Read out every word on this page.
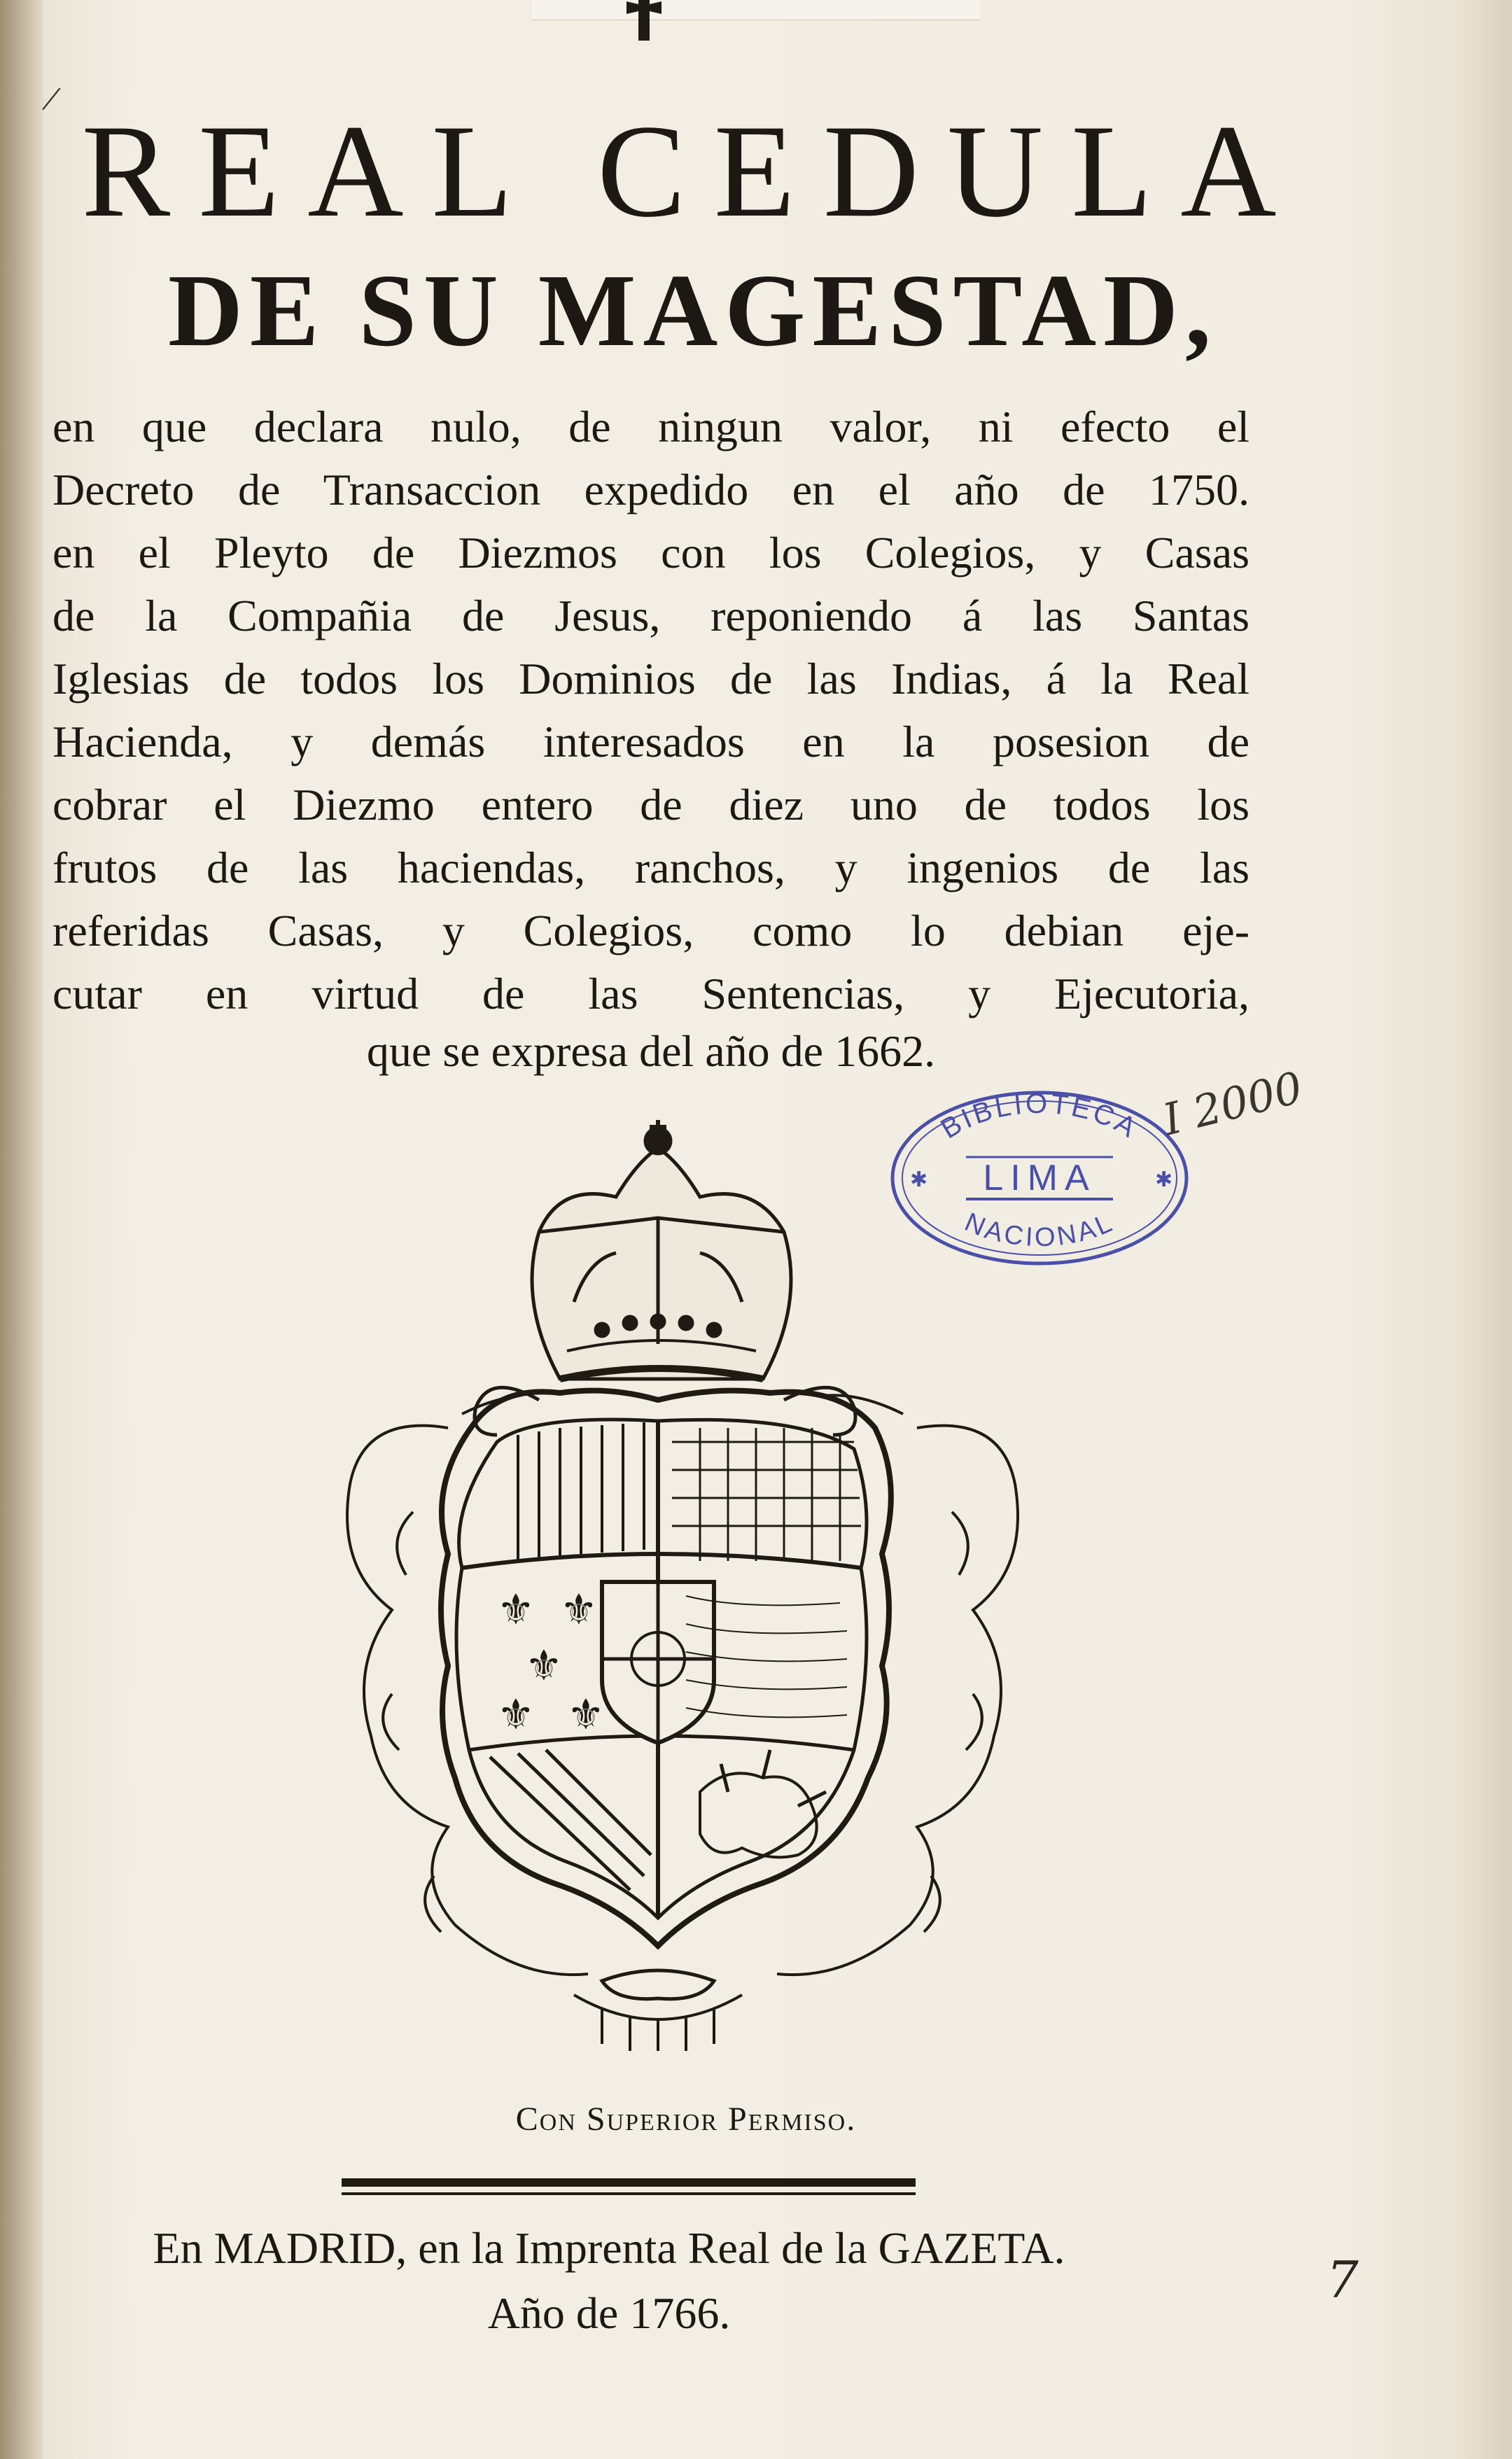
⁄ REAL CEDULA
DE SU MAGESTAD,
en que declara nulo, de ningun valor, ni efecto el
Decreto de Transaccion expedido en el año de 1750.
en el Pleyto de Diezmos con los Colegios, y Casas
de la Compañia de Jesus, reponiendo á las Santas
Iglesias de todos los Dominios de las Indias, á la Real
Hacienda, y demás interesados en la posesion de
cobrar el Diezmo entero de diez uno de todos los
frutos de las haciendas, ranchos, y ingenios de las
referidas Casas, y Colegios, como lo debian eje-
cutar en virtud de las Sentencias, y Ejecutoria,
que se expresa del año de 1662.
Con Superior Permiso.
En MADRID, en la Imprenta Real de la GAZETA.
Año de 1766.
BIBLIOTECA
LIMA
NACIONAL
✱	✱
I 2000
7
⚜ ⚜
⚜
⚜ ⚜
